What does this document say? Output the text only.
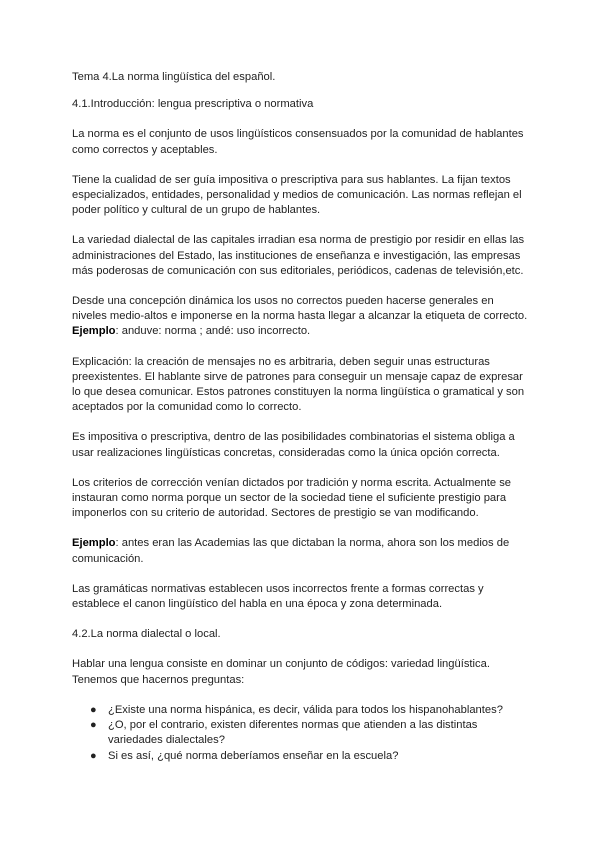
Tema 4.La norma lingüística del español.

4.1.Introducción: lengua prescriptiva o normativa

La norma es el conjunto de usos lingüísticos consensuados por la comunidad de hablantes como correctos y aceptables.

Tiene la cualidad de ser guía impositiva o prescriptiva para sus hablantes. La fijan textos especializados, entidades, personalidad y medios de comunicación. Las normas reflejan el poder político y cultural de un grupo de hablantes.

La variedad dialectal de las capitales irradian esa norma de prestigio por residir en ellas las administraciones del Estado, las instituciones de enseñanza e investigación, las empresas más poderosas de comunicación con sus editoriales, periódicos, cadenas de televisión,etc.

Desde una concepción dinámica los usos no correctos pueden hacerse generales en niveles medio-altos e imponerse en la norma hasta llegar a alcanzar la etiqueta de correcto.
Ejemplo: anduve: norma ; andé: uso incorrecto.

Explicación: la creación de mensajes no es arbitraria, deben seguir unas estructuras preexistentes. El hablante sirve de patrones para conseguir un mensaje capaz de expresar lo que desea comunicar. Estos patrones constituyen la norma lingüística o gramatical y son aceptados por la comunidad como lo correcto.

Es impositiva o prescriptiva, dentro de las posibilidades combinatorias el sistema obliga a usar realizaciones lingüísticas concretas, consideradas como la única opción correcta.

Los criterios de corrección venían dictados por tradición y norma escrita. Actualmente se instauran como norma porque un sector de la sociedad tiene el suficiente prestigio para imponerlos con su criterio de autoridad. Sectores de prestigio se van modificando.

Ejemplo: antes eran las Academias las que dictaban la norma, ahora son los medios de comunicación.

Las gramáticas normativas establecen usos incorrectos frente a formas correctas y establece el canon lingüístico del habla en una época y zona determinada.

4.2.La norma dialectal o local.

Hablar una lengua consiste en dominar un conjunto de códigos: variedad lingüística. Tenemos que hacernos preguntas:

● ¿Existe una norma hispánica, es decir, válida para todos los hispanohablantes?
● ¿O, por el contrario, existen diferentes normas que atienden a las distintas variedades dialectales?
● Si es así, ¿qué norma deberíamos enseñar en la escuela?
